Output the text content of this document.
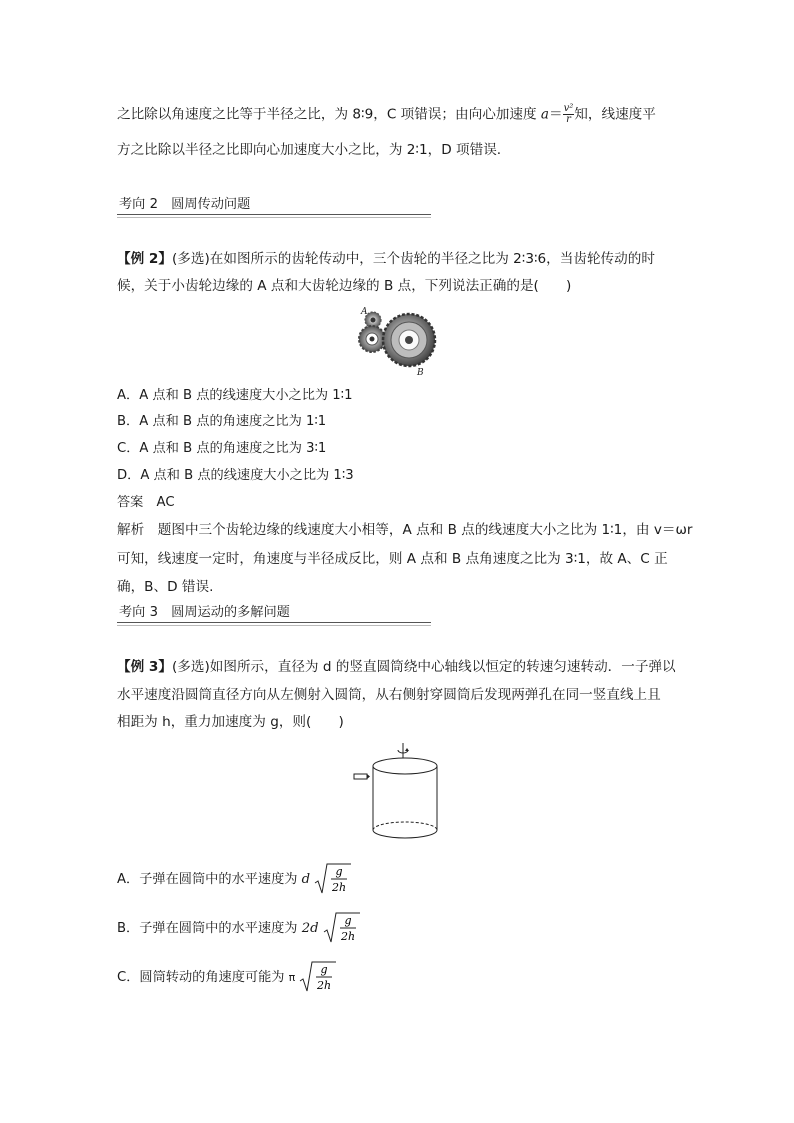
之比除以角速度之比等于半径之比，为 8∶9，C 项错误；由向心加速度 $a= \frac{\text{v²}}{r}$ 知，线速度平
方之比除以半径之比即向心加速度大小之比，为 2∶1，D 项错误.
考向 2　圆周传动问题
【例 2】(多选)在如图所示的齿轮传动中，三个齿轮的半径之比为 2∶3∶6，当齿轮传动的时
候，关于小齿轮边缘的 A 点和大齿轮边缘的 B 点，下列说法正确的是(　　)
A
B
A．A 点和 B 点的线速度大小之比为 1∶1
B．A 点和 B 点的角速度之比为 1∶1
C．A 点和 B 点的角速度之比为 3∶1
D．A 点和 B 点的线速度大小之比为 1∶3
答案　AC
解析　题图中三个齿轮边缘的线速度大小相等，A 点和 B 点的线速度大小之比为 1∶1，由 v＝ωr
可知，线速度一定时，角速度与半径成反比，则 A 点和 B 点角速度之比为 3∶1，故 A、C 正
确，B、D 错误.
考向 3　圆周运动的多解问题
【例 3】(多选)如图所示，直径为 d 的竖直圆筒绕中心轴线以恒定的转速匀速转动．一子弹以
水平速度沿圆筒直径方向从左侧射入圆筒，从右侧射穿圆筒后发现两弹孔在同一竖直线上且
相距为 h，重力加速度为 g，则(　　)
A．子弹在圆筒中的水平速度为 d
g
2h
B．子弹在圆筒中的水平速度为 2d
g
2h
C．圆筒转动的角速度可能为 π
g
2h
